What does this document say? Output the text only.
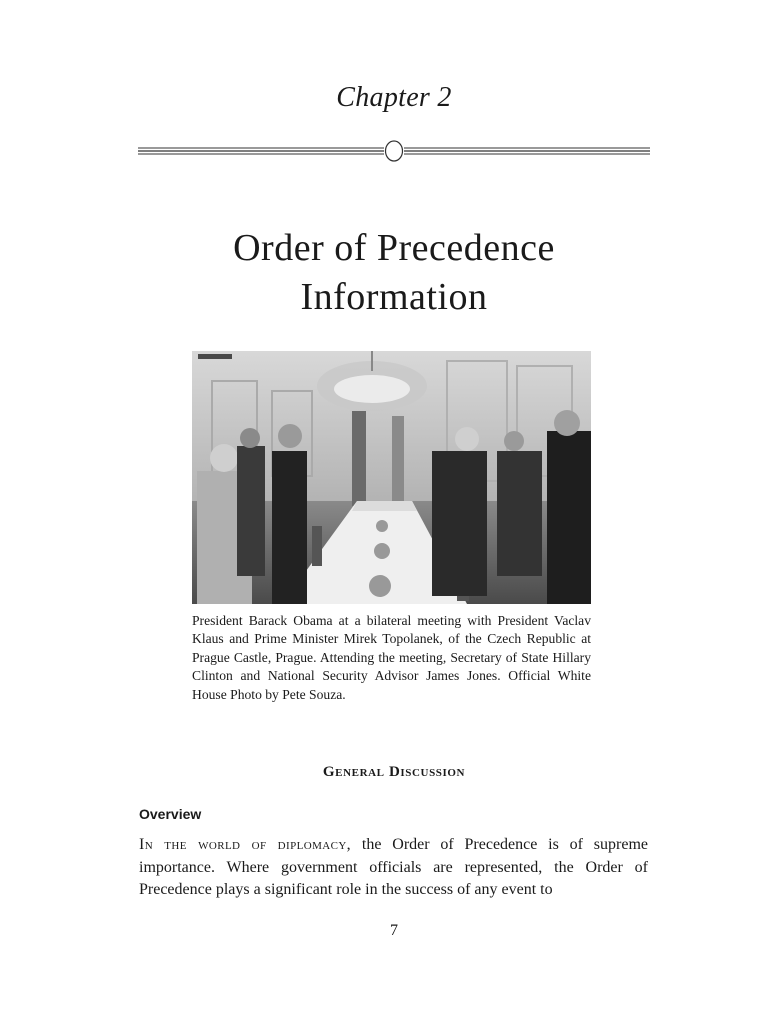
Chapter 2
Order of Precedence
Information
President Barack Obama at a bilateral meeting with President Vaclav Klaus and Prime Minister Mirek Topolanek, of the Czech Republic at Prague Castle, Prague. Attending the meeting, Secretary of State Hillary Clinton and National Security Advisor James Jones. Official White House Photo by Pete Souza.
General Discussion
Overview
In the world of diplomacy, the Order of Precedence is of supreme importance. Where government officials are represented, the Order of Precedence plays a significant role in the success of any event to
7
